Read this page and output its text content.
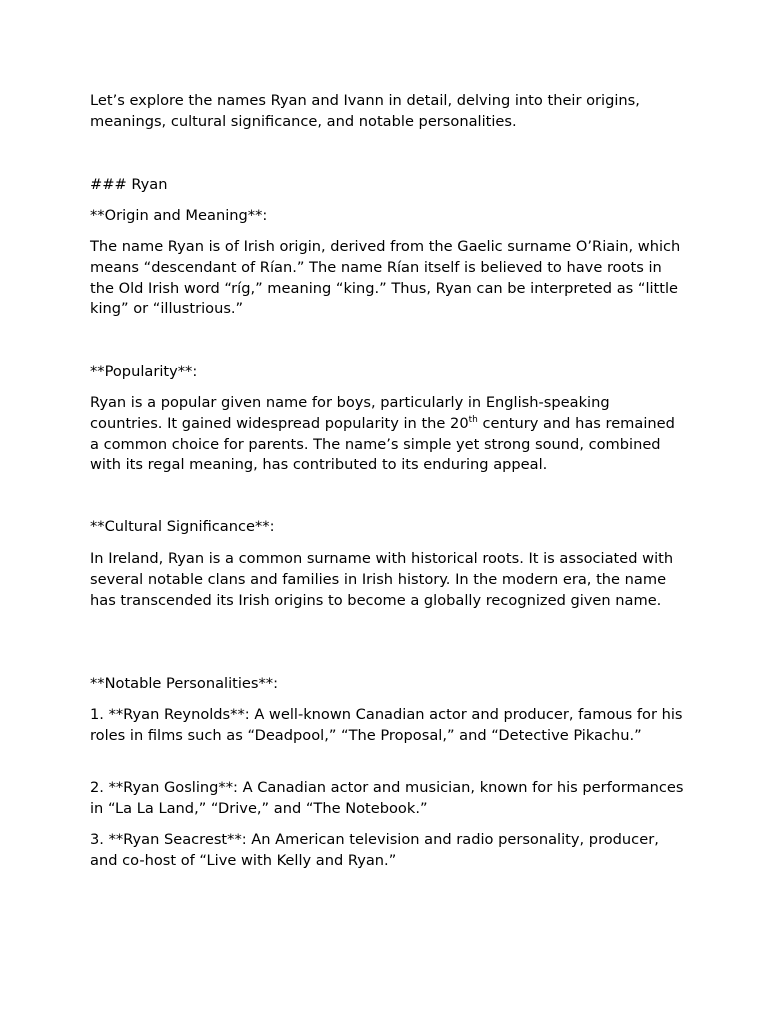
Let’s explore the names Ryan and Ivann in detail, delving into their origins, meanings, cultural significance, and notable personalities.

### Ryan

**Origin and Meaning**:

The name Ryan is of Irish origin, derived from the Gaelic surname O’Riain, which means “descendant of Rían.” The name Rían itself is believed to have roots in the Old Irish word “ríg,” meaning “king.” Thus, Ryan can be interpreted as “little king” or “illustrious.”

**Popularity**:

Ryan is a popular given name for boys, particularly in English-speaking countries. It gained widespread popularity in the 20th century and has remained a common choice for parents. The name’s simple yet strong sound, combined with its regal meaning, has contributed to its enduring appeal.

**Cultural Significance**:

In Ireland, Ryan is a common surname with historical roots. It is associated with several notable clans and families in Irish history. In the modern era, the name has transcended its Irish origins to become a globally recognized given name.

**Notable Personalities**:

1. **Ryan Reynolds**: A well-known Canadian actor and producer, famous for his roles in films such as “Deadpool,” “The Proposal,” and “Detective Pikachu.”

2. **Ryan Gosling**: A Canadian actor and musician, known for his performances in “La La Land,” “Drive,” and “The Notebook.”

3. **Ryan Seacrest**: An American television and radio personality, producer, and co-host of “Live with Kelly and Ryan.”
